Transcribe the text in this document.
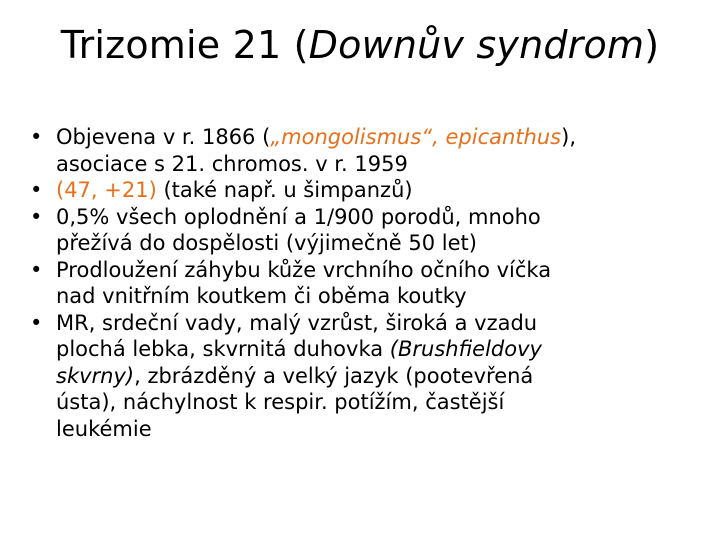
Trizomie 21 (Downův syndrom)
• Objevena v r. 1866 („mongolismus“, epicanthus),
asociace s 21. chromos. v r. 1959
• (47, +21) (také např. u šimpanzů)
• 0,5% všech oplodnění a 1/900 porodů, mnoho
přežívá do dospělosti (výjimečně 50 let)
• Prodloužení záhybu kůže vrchního očního víčka
nad vnitřním koutkem či oběma koutky
• MR, srdeční vady, malý vzrůst, široká a vzadu
plochá lebka, skvrnitá duhovka (Brushfieldovy
skvrny), zbrázděný a velký jazyk (pootevřená
ústa), náchylnost k respir. potížím, častější
leukémie
